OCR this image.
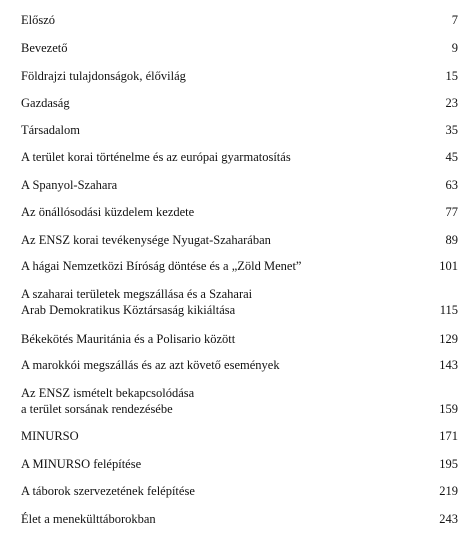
Előszó	7
Bevezető	9
Földrajzi tulajdonságok, élővilág	15
Gazdaság	23
Társadalom	35
A terület korai történelme és az európai gyarmatosítás	45
A Spanyol-Szahara	63
Az önállósodási küzdelem kezdete	77
Az ENSZ korai tevékenysége Nyugat-Szaharában	89
A hágai Nemzetközi Bíróság döntése és a „Zöld Menet”	101
A szaharai területek megszállása és a Szaharai
Arab Demokratikus Köztársaság kikiáltása	115
Békekötés Mauritánia és a Polisario között	129
A marokkói megszállás és az azt követő események	143
Az ENSZ ismételt bekapcsolódása
a terület sorsának rendezésébe	159
MINURSO	171
A MINURSO felépítése	195
A táborok szervezetének felépítése	219
Élet a menekülttáborokban	243
